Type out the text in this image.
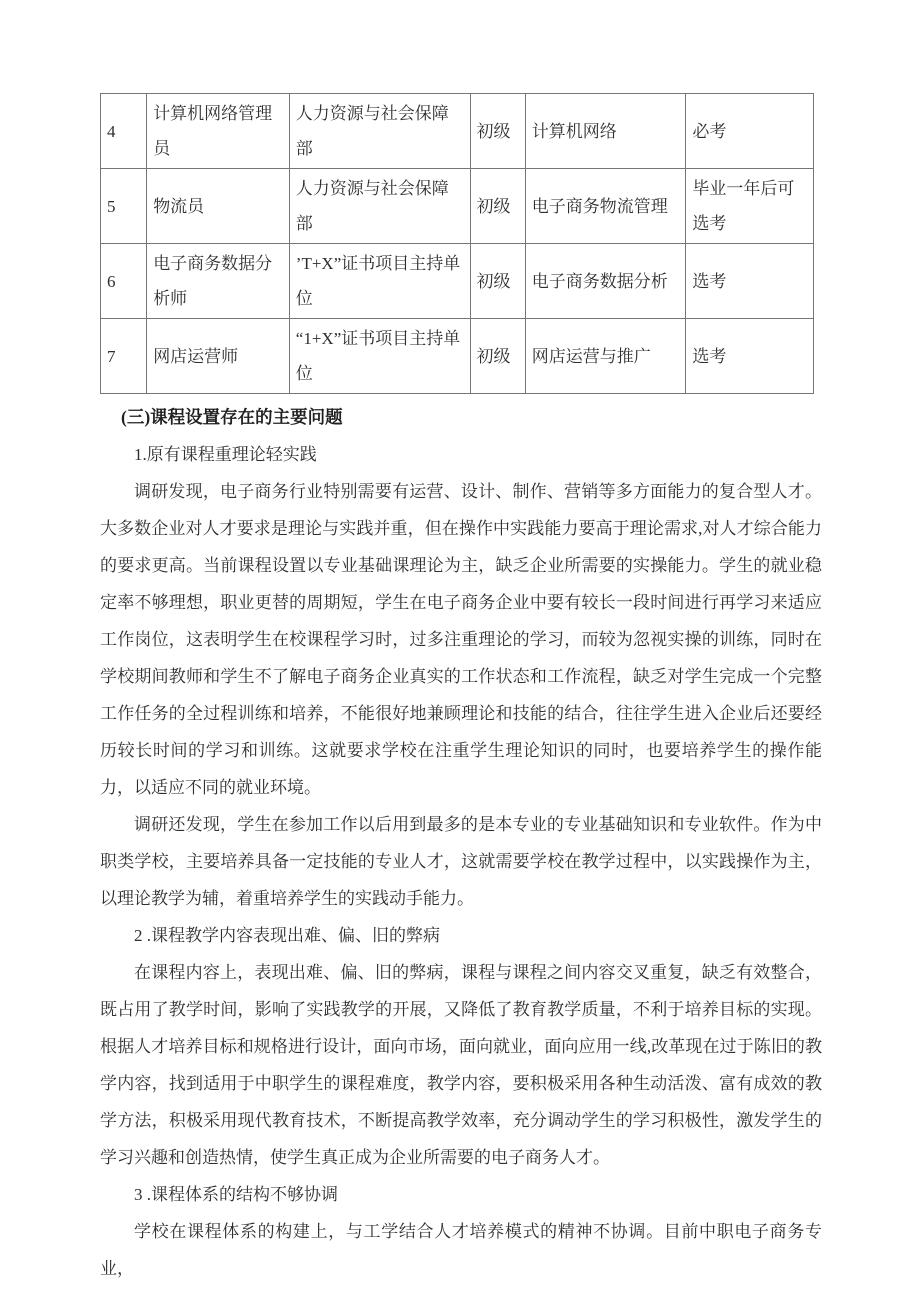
4	计算机网络管理员	人力资源与社会保障部	初级	计算机网络	必考
5	物流员	人力资源与社会保障部	初级	电子商务物流管理	毕业一年后可选考
6	电子商务数据分析师	’T+X”证书项目主持单位	初级	电子商务数据分析	选考
7	网店运营师	“1+X”证书项目主持单位	初级	网店运营与推广	选考

(三)课程设置存在的主要问题

1.原有课程重理论轻实践

调研发现，电子商务行业特别需要有运营、设计、制作、营销等多方面能力的复合型人才。大多数企业对人才要求是理论与实践并重，但在操作中实践能力要高于理论需求,对人才综合能力的要求更高。当前课程设置以专业基础课理论为主，缺乏企业所需要的实操能力。学生的就业稳定率不够理想，职业更替的周期短，学生在电子商务企业中要有较长一段时间进行再学习来适应工作岗位，这表明学生在校课程学习时，过多注重理论的学习，而较为忽视实操的训练，同时在学校期间教师和学生不了解电子商务企业真实的工作状态和工作流程，缺乏对学生完成一个完整工作任务的全过程训练和培养，不能很好地兼顾理论和技能的结合，往往学生进入企业后还要经历较长时间的学习和训练。这就要求学校在注重学生理论知识的同时，也要培养学生的操作能力，以适应不同的就业环境。

调研还发现，学生在参加工作以后用到最多的是本专业的专业基础知识和专业软件。作为中职类学校，主要培养具备一定技能的专业人才，这就需要学校在教学过程中，以实践操作为主，以理论教学为辅，着重培养学生的实践动手能力。

2 .课程教学内容表现出难、偏、旧的弊病

在课程内容上，表现出难、偏、旧的弊病，课程与课程之间内容交叉重复，缺乏有效整合，既占用了教学时间，影响了实践教学的开展，又降低了教育教学质量，不利于培养目标的实现。根据人才培养目标和规格进行设计，面向市场，面向就业，面向应用一线,改革现在过于陈旧的教学内容，找到适用于中职学生的课程难度，教学内容，要积极采用各种生动活泼、富有成效的教学方法，积极采用现代教育技术，不断提高教学效率，充分调动学生的学习积极性，激发学生的学习兴趣和创造热情，使学生真正成为企业所需要的电子商务人才。

3 .课程体系的结构不够协调

学校在课程体系的构建上，与工学结合人才培养模式的精神不协调。目前中职电子商务专业，
